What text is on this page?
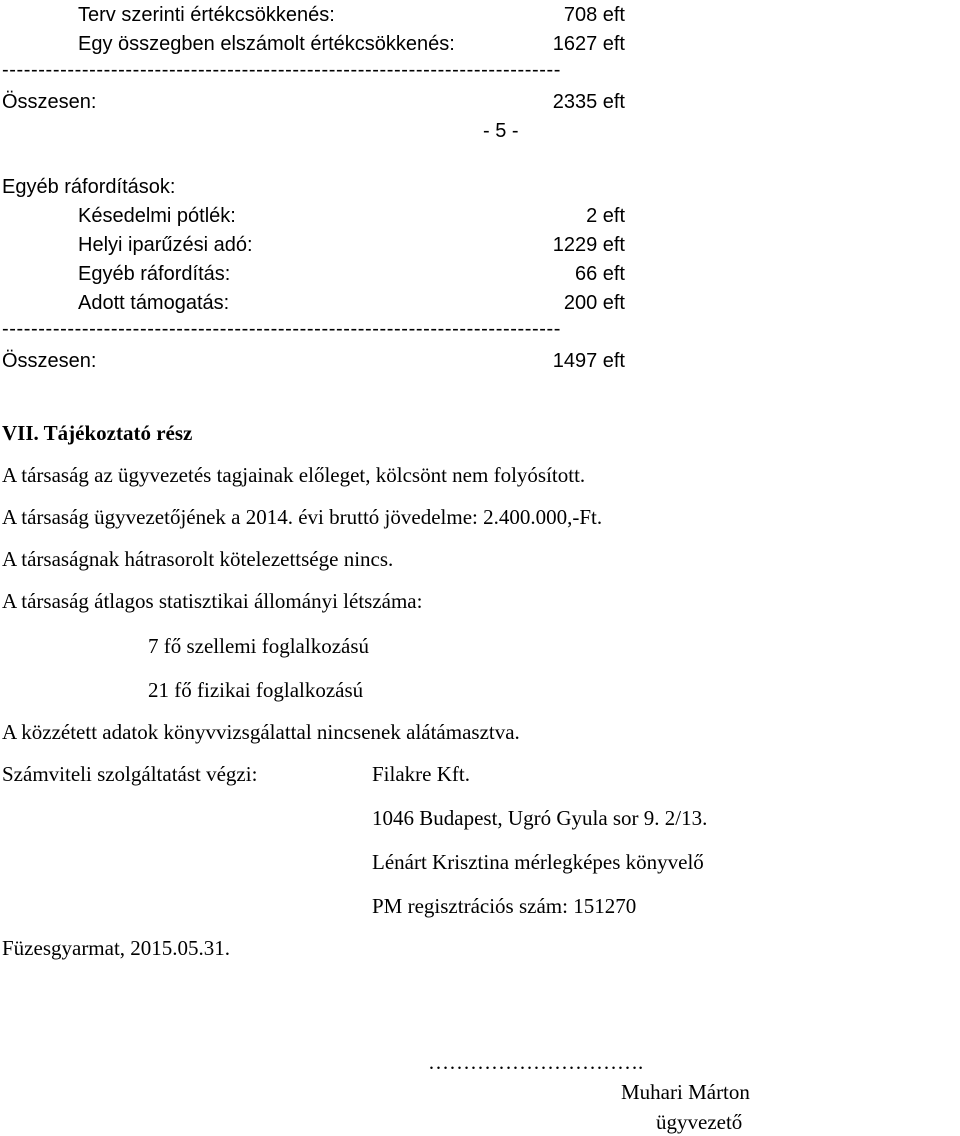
Terv szerinti értékcsökkenés:	708 eft
Egy összegben elszámolt értékcsökkenés:	1627 eft
-----------------------------------------------------------------------------
Összesen:	2335 eft
- 5 -
Egyéb ráfordítások:
Késedelmi pótlék:	2 eft
Helyi iparűzési adó:	1229 eft
Egyéb ráfordítás:	66 eft
Adott támogatás:	200 eft
-----------------------------------------------------------------------------
Összesen:	1497 eft
VII. Tájékoztató rész
A társaság az ügyvezetés tagjainak előleget, kölcsönt nem folyósított.
A társaság ügyvezetőjének a 2014. évi bruttó jövedelme: 2.400.000,-Ft.
A társaságnak hátrasorolt kötelezettsége nincs.
A társaság átlagos statisztikai állományi létszáma:
7 fő szellemi foglalkozású
21 fő fizikai foglalkozású
A közzétett adatok könyvvizsgálattal nincsenek alátámasztva.
Számviteli szolgáltatást végzi:	Filakre Kft.
1046 Budapest, Ugró Gyula sor 9. 2/13.
Lénárt Krisztina mérlegképes könyvelő
PM regisztrációs szám: 151270
Füzesgyarmat, 2015.05.31.
………………………….
Muhari Márton
ügyvezető
